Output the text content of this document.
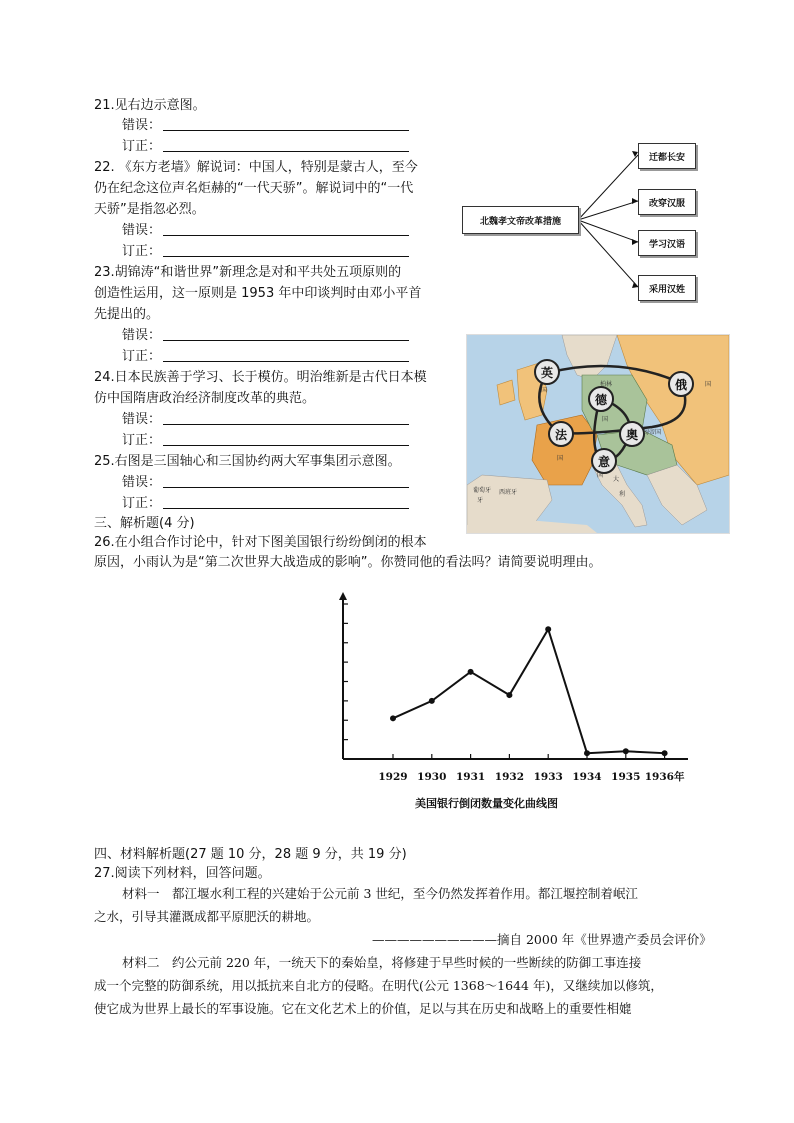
21.见右边示意图。
错误：
订正：
22. 《东方老墙》解说词：中国人，特别是蒙古人，至今
仍在纪念这位声名炬赫的“一代天骄”。解说词中的“一代
天骄”是指忽必烈。
错误：
订正：
23.胡锦涛“和谐世界”新理念是对和平共处五项原则的
创造性运用，这一原则是 1953 年中印谈判时由邓小平首
先提出的。
错误：
订正：
24.日本民族善于学习、长于模仿。明治维新是古代日本模
仿中国隋唐政治经济制度改革的典范。
错误：
订正：
25.右图是三国轴心和三国协约两大军事集团示意图。
错误：
订正：
北魏孝文帝改革措施
迁都长安
改穿汉服
学习汉语
采用汉姓
英
俄
德
法	奥
意
国
国
柏林
国
国
匈帝国
国
大
利
西班牙
葡萄牙
牙
三、解析题(4 分)
26.在小组合作讨论中，针对下图美国银行纷纷倒闭的根本
原因，小雨认为是“第二次世界大战造成的影响”。你赞同他的看法吗？请简要说明理由。
1929 1930 1931 1932 1933 1934 1935 1936年
美国银行倒闭数量变化曲线图
四、材料解析题(27 题 10 分，28 题 9 分，共 19 分)
27.阅读下列材料，回答问题。
材料一　都江堰水利工程的兴建始于公元前 3 世纪，至今仍然发挥着作用。都江堰控制着岷江
之水，引导其灌溉成都平原肥沃的耕地。
——————————摘自 2000 年《世界遗产委员会评价》
材料二　约公元前 220 年，一统天下的秦始皇，将修建于早些时候的一些断续的防御工事连接
成一个完整的防御系统，用以抵抗来自北方的侵略。在明代(公元 1368～1644 年)，又继续加以修筑，
使它成为世界上最长的军事设施。它在文化艺术上的价值，足以与其在历史和战略上的重要性相媲
